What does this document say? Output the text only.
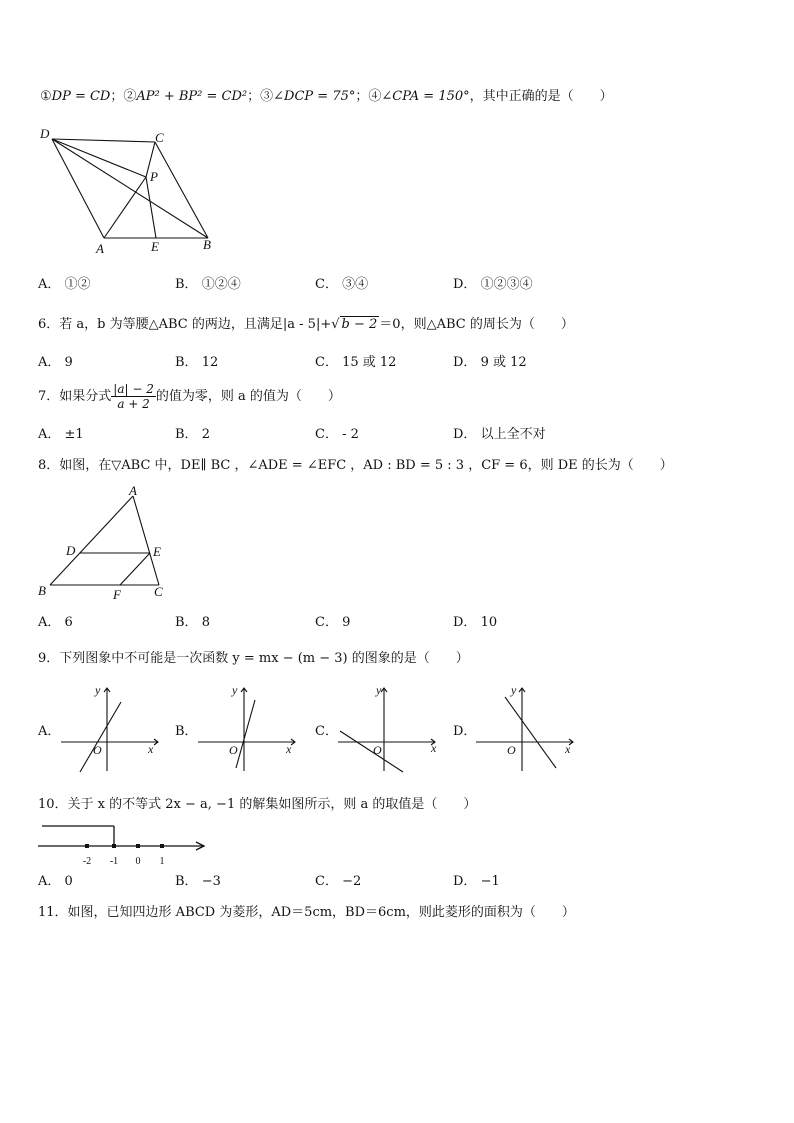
①DP = CD；②AP² + BP² = CD²；③∠DCP = 75°；④∠CPA = 150°，其中正确的是（　　）
D	C
P
A	E	B
A． ①②	B． ①②④	C． ③④	D． ①②③④
6．若 a，b 为等腰△ABC 的两边，且满足|a - 5|+√ b − 2 ＝0，则△ABC 的周长为（　　）
A． 9	B． 12	C． 15 或 12	D． 9 或 12
7．如果分式 $\frac{|a| - 2}{a + 2}$ 的值为零，则 a 的值为（　　）
A． ±1	B． 2	C． - 2	D． 以上全不对
8．如图，在▽ABC 中，DE∥ BC ，∠ADE = ∠EFC ，AD : BD = 5 : 3 ，CF = 6，则 DE 的长为（　　）
A
D	E
B	F	C
A． 6	B． 8	C． 9	D． 10
9．下列图象中不可能是一次函数 y = mx − (m − 3) 的图象的是（　　）
A．
y
x
O
B．
y
x
O
C．
y
x
O
D．
y
x
O
10．关于 x 的不等式 2x − a, −1 的解集如图所示，则 a 的取值是（　　）
-2 -1 0 1
A． 0	B． −3	C． −2	D． −1
11．如图，已知四边形 ABCD 为菱形，AD＝5cm，BD＝6cm，则此菱形的面积为（　　）
